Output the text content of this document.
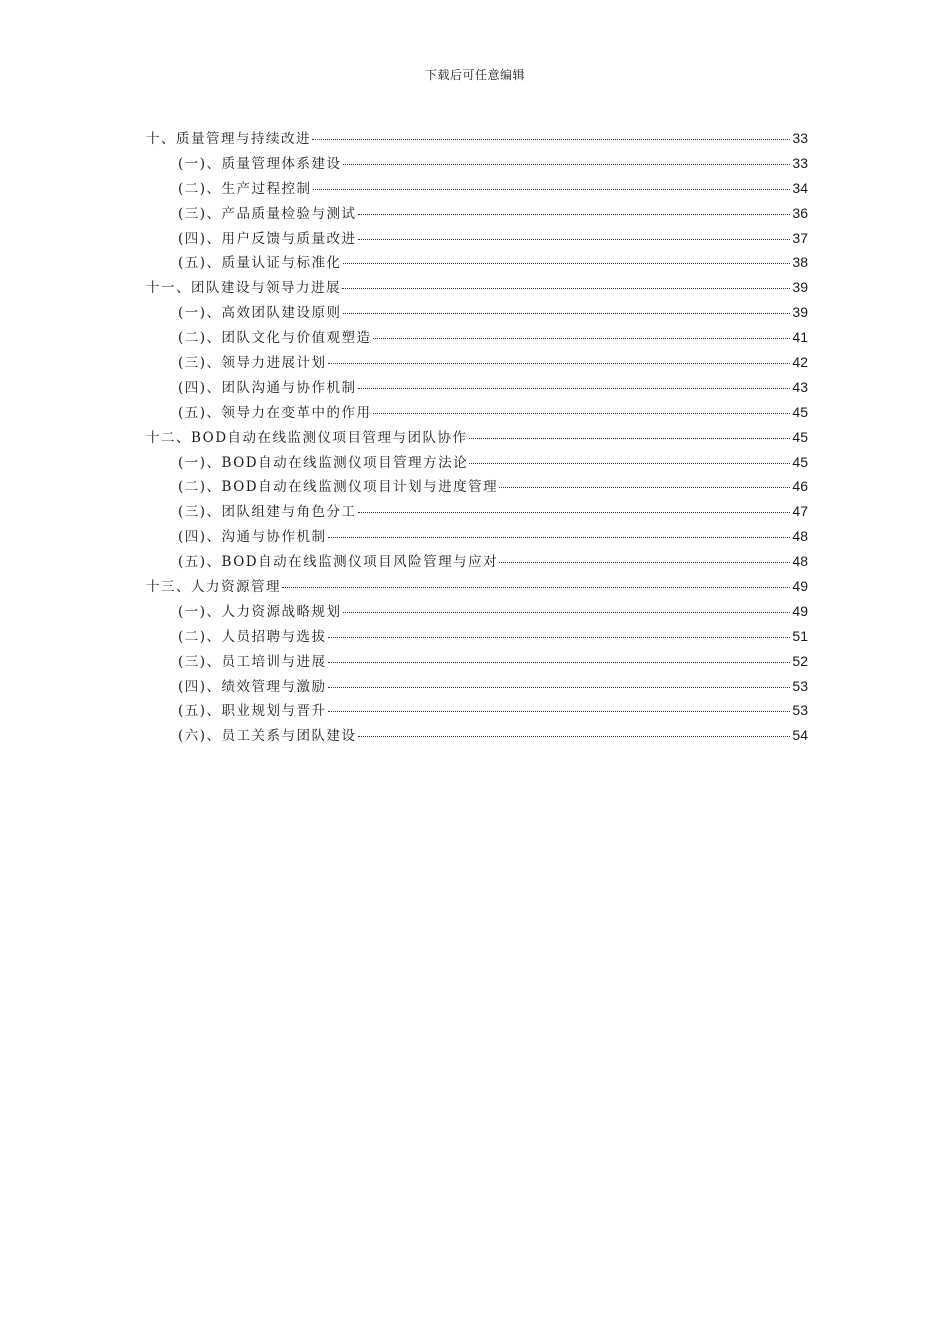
下载后可任意编辑
十、质量管理与持续改进	33
(一)、质量管理体系建设	33
(二)、生产过程控制	34
(三)、产品质量检验与测试	36
(四)、用户反馈与质量改进	37
(五)、质量认证与标准化	38
十一、团队建设与领导力进展	39
(一)、高效团队建设原则	39
(二)、团队文化与价值观塑造	41
(三)、领导力进展计划	42
(四)、团队沟通与协作机制	43
(五)、领导力在变革中的作用	45
十二、BOD自动在线监测仪项目管理与团队协作	45
(一)、BOD自动在线监测仪项目管理方法论	45
(二)、BOD自动在线监测仪项目计划与进度管理	46
(三)、团队组建与角色分工	47
(四)、沟通与协作机制	48
(五)、BOD自动在线监测仪项目风险管理与应对	48
十三、人力资源管理	49
(一)、人力资源战略规划	49
(二)、人员招聘与选拔	51
(三)、员工培训与进展	52
(四)、绩效管理与激励	53
(五)、职业规划与晋升	53
(六)、员工关系与团队建设	54
